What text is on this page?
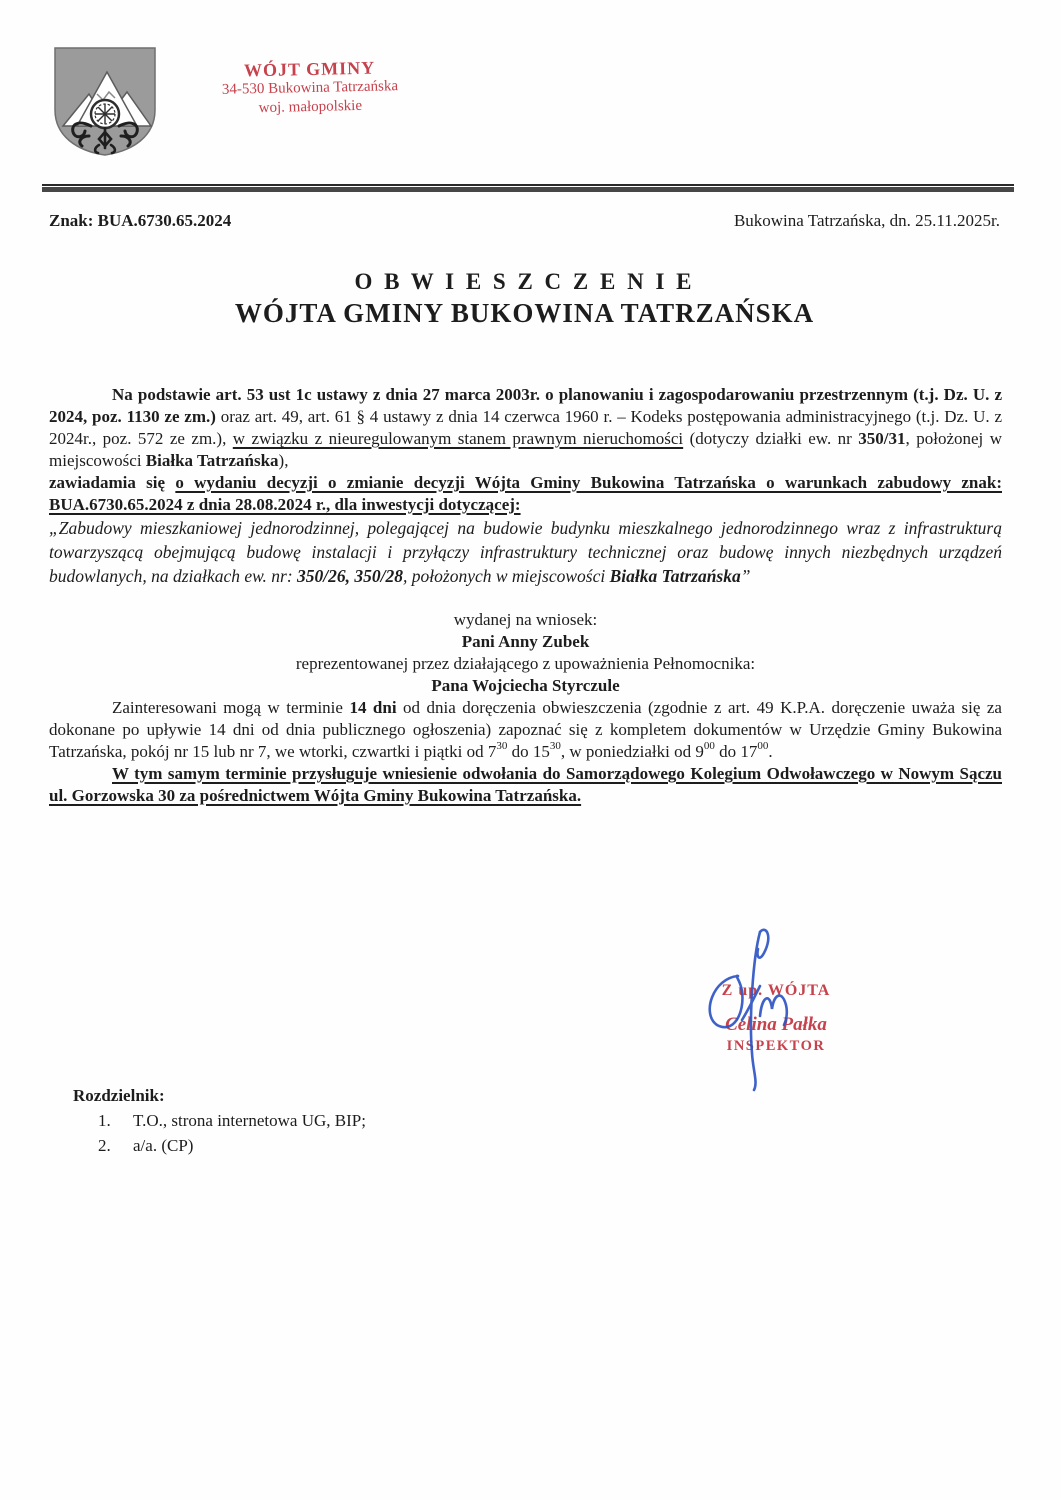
WÓJT GMINY
34-530 Bukowina Tatrzańska
woj. małopolskie
Znak: BUA.6730.65.2024	Bukowina Tatrzańska, dn. 25.11.2025r.
O B W I E S Z C Z E N I E
WÓJTA GMINY BUKOWINA TATRZAŃSKA

Na podstawie art. 53 ust 1c ustawy z dnia 27 marca 2003r. o planowaniu i zagospodarowaniu przestrzennym (t.j. Dz. U. z 2024, poz. 1130 ze zm.) oraz art. 49, art. 61 § 4 ustawy z dnia 14 czerwca 1960 r. – Kodeks postępowania administracyjnego (t.j. Dz. U. z 2024r., poz. 572 ze zm.), w związku z nieuregulowanym stanem prawnym nieruchomości (dotyczy działki ew. nr 350/31, położonej w miejscowości Białka Tatrzańska),

zawiadamia się o wydaniu decyzji o zmianie decyzji Wójta Gminy Bukowina Tatrzańska o warunkach zabudowy znak: BUA.6730.65.2024 z dnia 28.08.2024 r., dla inwestycji dotyczącej:

„Zabudowy mieszkaniowej jednorodzinnej, polegającej na budowie budynku mieszkalnego jednorodzinnego wraz z infrastrukturą towarzyszącą obejmującą budowę instalacji i przyłączy infrastruktury technicznej oraz budowę innych niezbędnych urządzeń budowlanych, na działkach ew. nr: 350/26, 350/28, położonych w miejscowości Białka Tatrzańska”

wydanej na wniosek:
Pani Anny Zubek
reprezentowanej przez działającego z upoważnienia Pełnomocnika:
Pana Wojciecha Styrczule

Zainteresowani mogą w terminie 14 dni od dnia doręczenia obwieszczenia (zgodnie z art. 49 K.P.A. doręczenie uważa się za dokonane po upływie 14 dni od dnia publicznego ogłoszenia) zapoznać się z kompletem dokumentów w Urzędzie Gminy Bukowina Tatrzańska, pokój nr 15 lub nr 7, we wtorki, czwartki i piątki od $7^{30}$ do $15^{30}$, w poniedziałki od $9^{00}$ do $17^{00}$.

W tym samym terminie przysługuje wniesienie odwołania do Samorządowego Kolegium Odwoławczego w Nowym Sączu ul. Gorzowska 30 za pośrednictwem Wójta Gminy Bukowina Tatrzańska.

Z up. WÓJTA
Celina Pałka
INSPEKTOR
Rozdzielnik:
1.	T.O., strona internetowa UG, BIP;
2.	a/a. (CP)
